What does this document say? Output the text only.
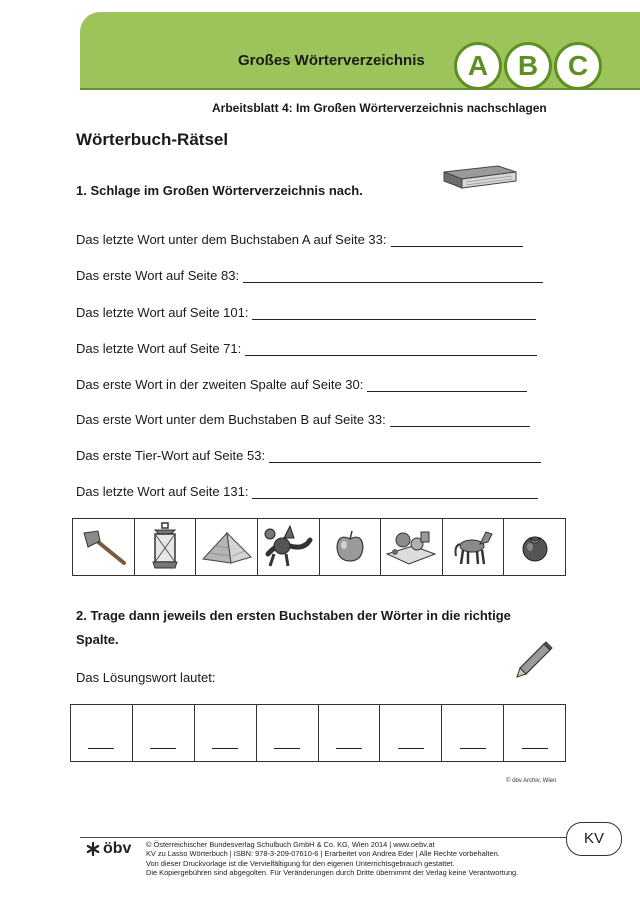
Großes Wörterverzeichnis	A	B	C
Arbeitsblatt 4: Im Großen Wörterverzeichnis nachschlagen
Wörterbuch-Rätsel
1. Schlage im Großen Wörterverzeichnis nach.
Das letzte Wort unter dem Buchstaben A auf Seite 33:
Das erste Wort auf Seite 83:
Das letzte Wort auf Seite 101:
Das letzte Wort auf Seite 71:
Das erste Wort in der zweiten Spalte auf Seite 30:
Das erste Wort unter dem Buchstaben B auf Seite 33:
Das erste Tier-Wort auf Seite 53:
Das letzte Wort auf Seite 131:
2. Trage dann jeweils den ersten Buchstaben der Wörter in die richtige
Spalte.
Das Lösungswort lautet:
© öbv Archiv, Wien
KV
öbv © Österreichischer Bundesverlag Schulbuch GmbH & Co. KG, Wien 2014 | www.oebv.at
KV zu Lasso Wörterbuch | ISBN: 978-3-209-07610-6 | Erarbeitet von Andrea Eder | Alle Rechte vorbehalten.
Von dieser Druckvorlage ist die Vervielfältigung für den eigenen Unterrichtsgebrauch gestattet.
Die Kopiergebühren sind abgegolten. Für Veränderungen durch Dritte übernimmt der Verlag keine Verantwortung.
